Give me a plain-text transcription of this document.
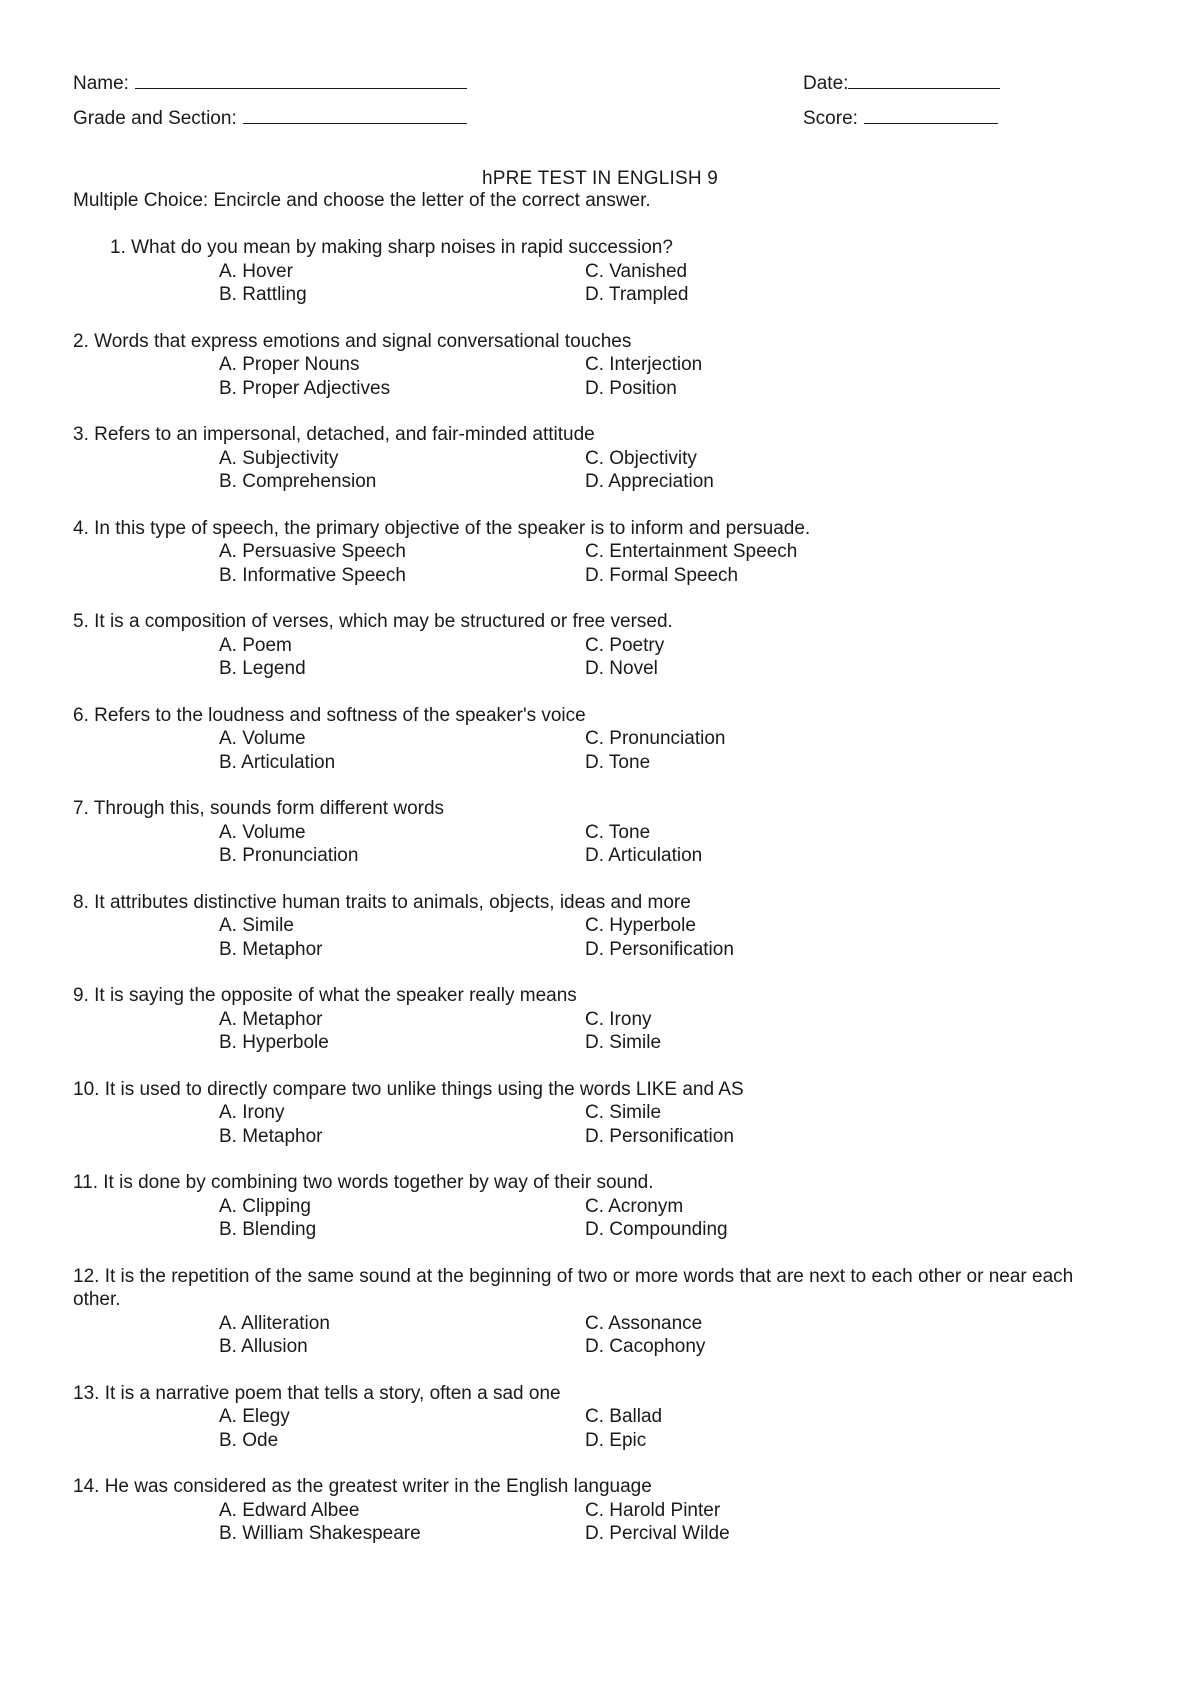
Name:	Date:
Grade and Section:	Score:
hPRE TEST IN ENGLISH 9
Multiple Choice: Encircle and choose the letter of the correct answer.
1. What do you mean by making sharp noises in rapid succession?
A. Hover	C. Vanished
B. Rattling	D. Trampled
2. Words that express emotions and signal conversational touches
A. Proper Nouns	C. Interjection
B. Proper Adjectives	D. Position
3. Refers to an impersonal, detached, and fair-minded attitude
A. Subjectivity	C. Objectivity
B. Comprehension	D. Appreciation
4. In this type of speech, the primary objective of the speaker is to inform and persuade.
A. Persuasive Speech	C. Entertainment Speech
B. Informative Speech	D. Formal Speech
5. It is a composition of verses, which may be structured or free versed.
A. Poem	C. Poetry
B. Legend	D. Novel
6. Refers to the loudness and softness of the speaker's voice
A. Volume	C. Pronunciation
B. Articulation	D. Tone
7. Through this, sounds form different words
A. Volume	C. Tone
B. Pronunciation	D. Articulation
8. It attributes distinctive human traits to animals, objects, ideas and more
A. Simile	C. Hyperbole
B. Metaphor	D. Personification
9. It is saying the opposite of what the speaker really means
A. Metaphor	C. Irony
B. Hyperbole	D. Simile
10. It is used to directly compare two unlike things using the words LIKE and AS
A. Irony	C. Simile
B. Metaphor	D. Personification
11. It is done by combining two words together by way of their sound.
A. Clipping	C. Acronym
B. Blending	D. Compounding
12. It is the repetition of the same sound at the beginning of two or more words that are next to each other or near each other.
A. Alliteration	C. Assonance
B. Allusion	D. Cacophony
13. It is a narrative poem that tells a story, often a sad one
A. Elegy	C. Ballad
B. Ode	D. Epic
14. He was considered as the greatest writer in the English language
A. Edward Albee	C. Harold Pinter
B. William Shakespeare	D. Percival Wilde
